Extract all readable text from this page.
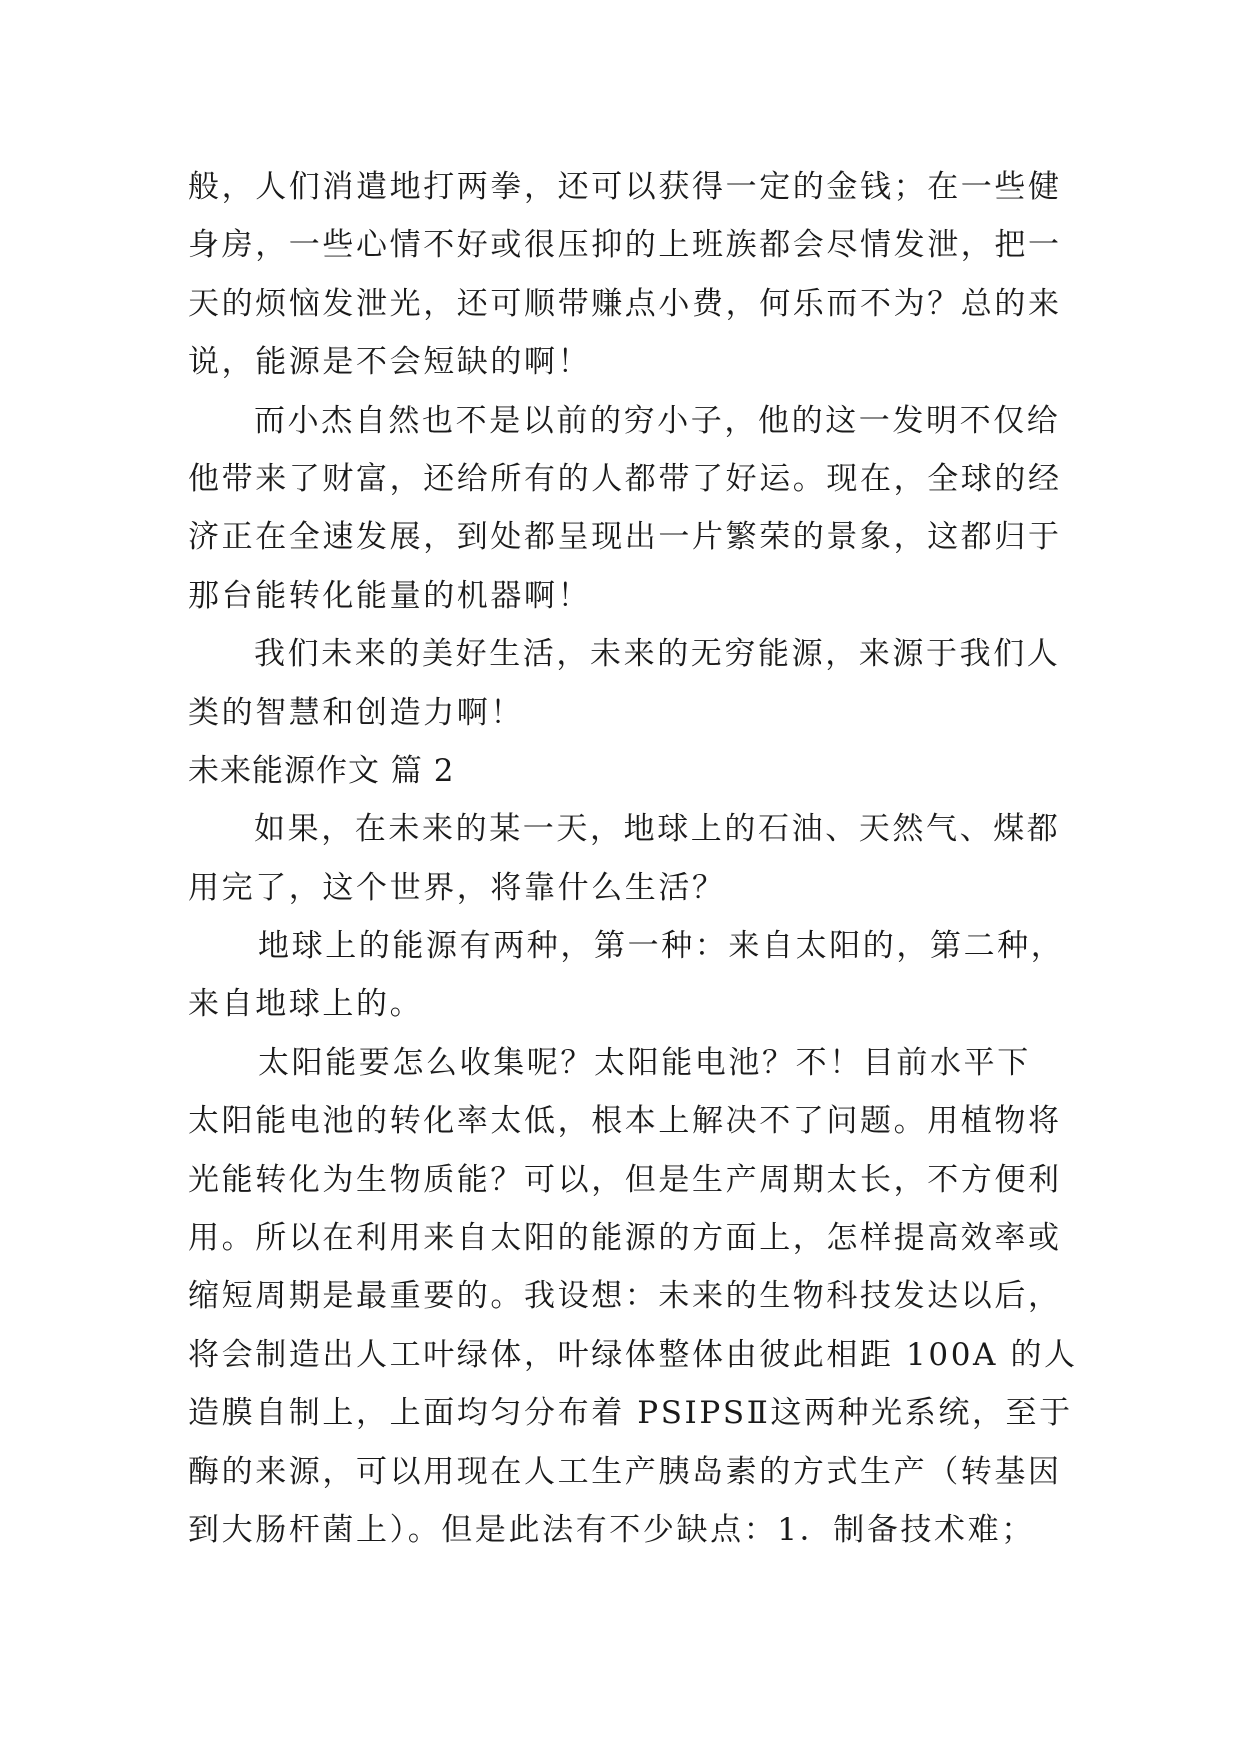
般，人们消遣地打两拳，还可以获得一定的金钱；在一些健
身房，一些心情不好或很压抑的上班族都会尽情发泄，把一
天的烦恼发泄光，还可顺带赚点小费，何乐而不为？总的来
说，能源是不会短缺的啊！
而小杰自然也不是以前的穷小子，他的这一发明不仅给
他带来了财富，还给所有的人都带了好运。现在，全球的经
济正在全速发展，到处都呈现出一片繁荣的景象，这都归于
那台能转化能量的机器啊！
我们未来的美好生活，未来的无穷能源，来源于我们人
类的智慧和创造力啊！
未来能源作文 篇 2
如果，在未来的某一天，地球上的石油、天然气、煤都
用完了，这个世界，将靠什么生活？
地球上的能源有两种，第一种：来自太阳的，第二种，
来自地球上的。
太阳能要怎么收集呢？太阳能电池？不！目前水平下
太阳能电池的转化率太低，根本上解决不了问题。用植物将
光能转化为生物质能？可以，但是生产周期太长，不方便利
用。所以在利用来自太阳的能源的方面上，怎样提高效率或
缩短周期是最重要的。我设想：未来的生物科技发达以后，
将会制造出人工叶绿体，叶绿体整体由彼此相距 100A 的人
造膜自制上，上面均匀分布着 PSIPSⅡ这两种光系统，至于
酶的来源，可以用现在人工生产胰岛素的方式生产（转基因
到大肠杆菌上）。但是此法有不少缺点：1．制备技术难；
